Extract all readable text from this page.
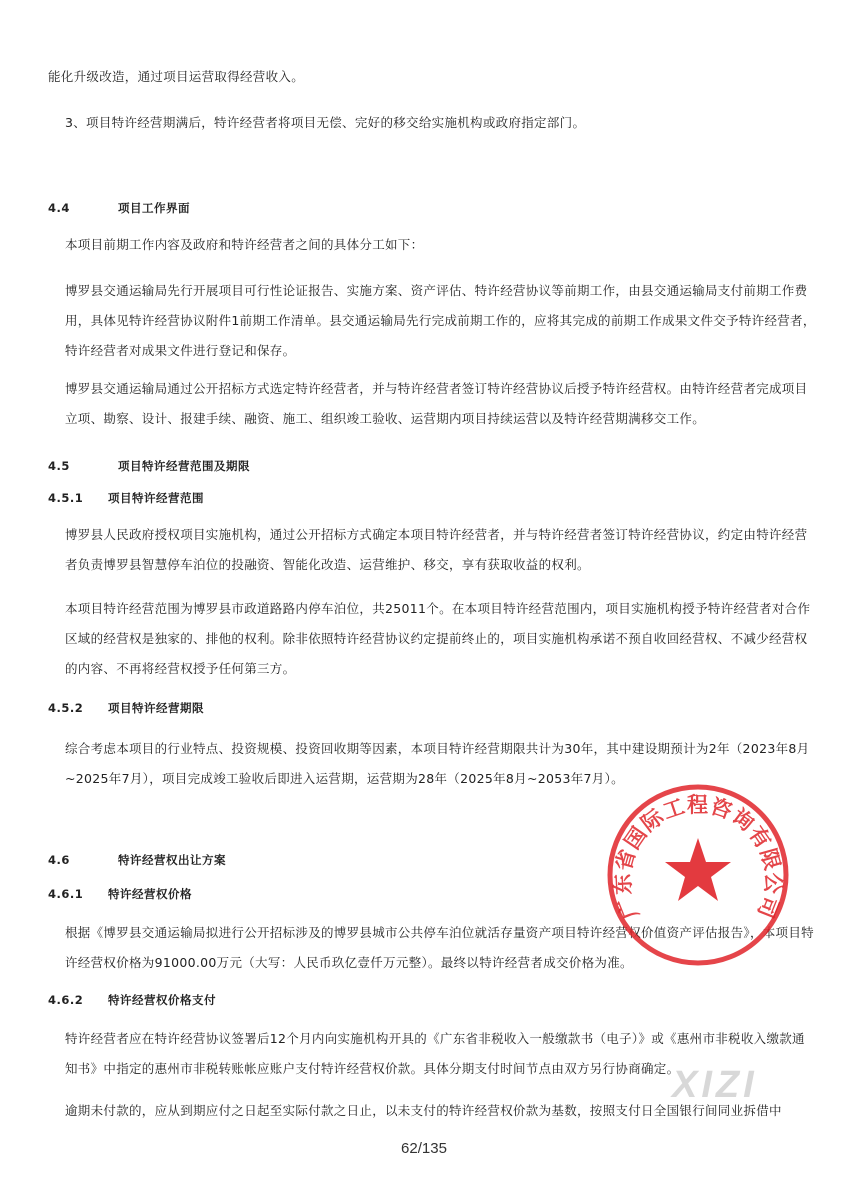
能化升级改造，通过项目运营取得经营收入。

3、项目特许经营期满后，特许经营者将项目无偿、完好的移交给实施机构或政府指定部门。

4.4	项目工作界面

本项目前期工作内容及政府和特许经营者之间的具体分工如下：

博罗县交通运输局先行开展项目可行性论证报告、实施方案、资产评估、特许经营协议等前期工作，由县交通运输局支付前期工作费用，具体见特许经营协议附件1前期工作清单。县交通运输局先行完成前期工作的，应将其完成的前期工作成果文件交予特许经营者，特许经营者对成果文件进行登记和保存。

博罗县交通运输局通过公开招标方式选定特许经营者，并与特许经营者签订特许经营协议后授予特许经营权。由特许经营者完成项目立项、勘察、设计、报建手续、融资、施工、组织竣工验收、运营期内项目持续运营以及特许经营期满移交工作。

4.5	项目特许经营范围及期限
4.5.1 项目特许经营范围

博罗县人民政府授权项目实施机构，通过公开招标方式确定本项目特许经营者，并与特许经营者签订特许经营协议，约定由特许经营者负责博罗县智慧停车泊位的投融资、智能化改造、运营维护、移交，享有获取收益的权利。

本项目特许经营范围为博罗县市政道路路内停车泊位，共25011个。在本项目特许经营范围内，项目实施机构授予特许经营者对合作区域的经营权是独家的、排他的权利。除非依照特许经营协议约定提前终止的，项目实施机构承诺不预自收回经营权、不减少经营权的内容、不再将经营权授予任何第三方。

4.5.2 项目特许经营期限

综合考虑本项目的行业特点、投资规模、投资回收期等因素，本项目特许经营期限共计为30年，其中建设期预计为2年（2023年8月~2025年7月），项目完成竣工验收后即进入运营期，运营期为28年（2025年8月~2053年7月）。

4.6	特许经营权出让方案
4.6.1 特许经营权价格

根据《博罗县交通运输局拟进行公开招标涉及的博罗县城市公共停车泊位就活存量资产项目特许经营权价值资产评估报告》，本项目特许经营权价格为91000.00万元（大写：人民币玖亿壹仟万元整）。最终以特许经营者成交价格为准。

4.6.2 特许经营权价格支付

特许经营者应在特许经营协议签署后12个月内向实施机构开具的《广东省非税收入一般缴款书（电子）》或《惠州市非税收入缴款通知书》中指定的惠州市非税转账帐应账户支付特许经营权价款。具体分期支付时间节点由双方另行协商确定。

逾期未付款的，应从到期应付之日起至实际付款之日止，以未支付的特许经营权价款为基数，按照支付日全国银行间同业拆借中

广东省国际工程咨询有限公司
XIZI
62/135
